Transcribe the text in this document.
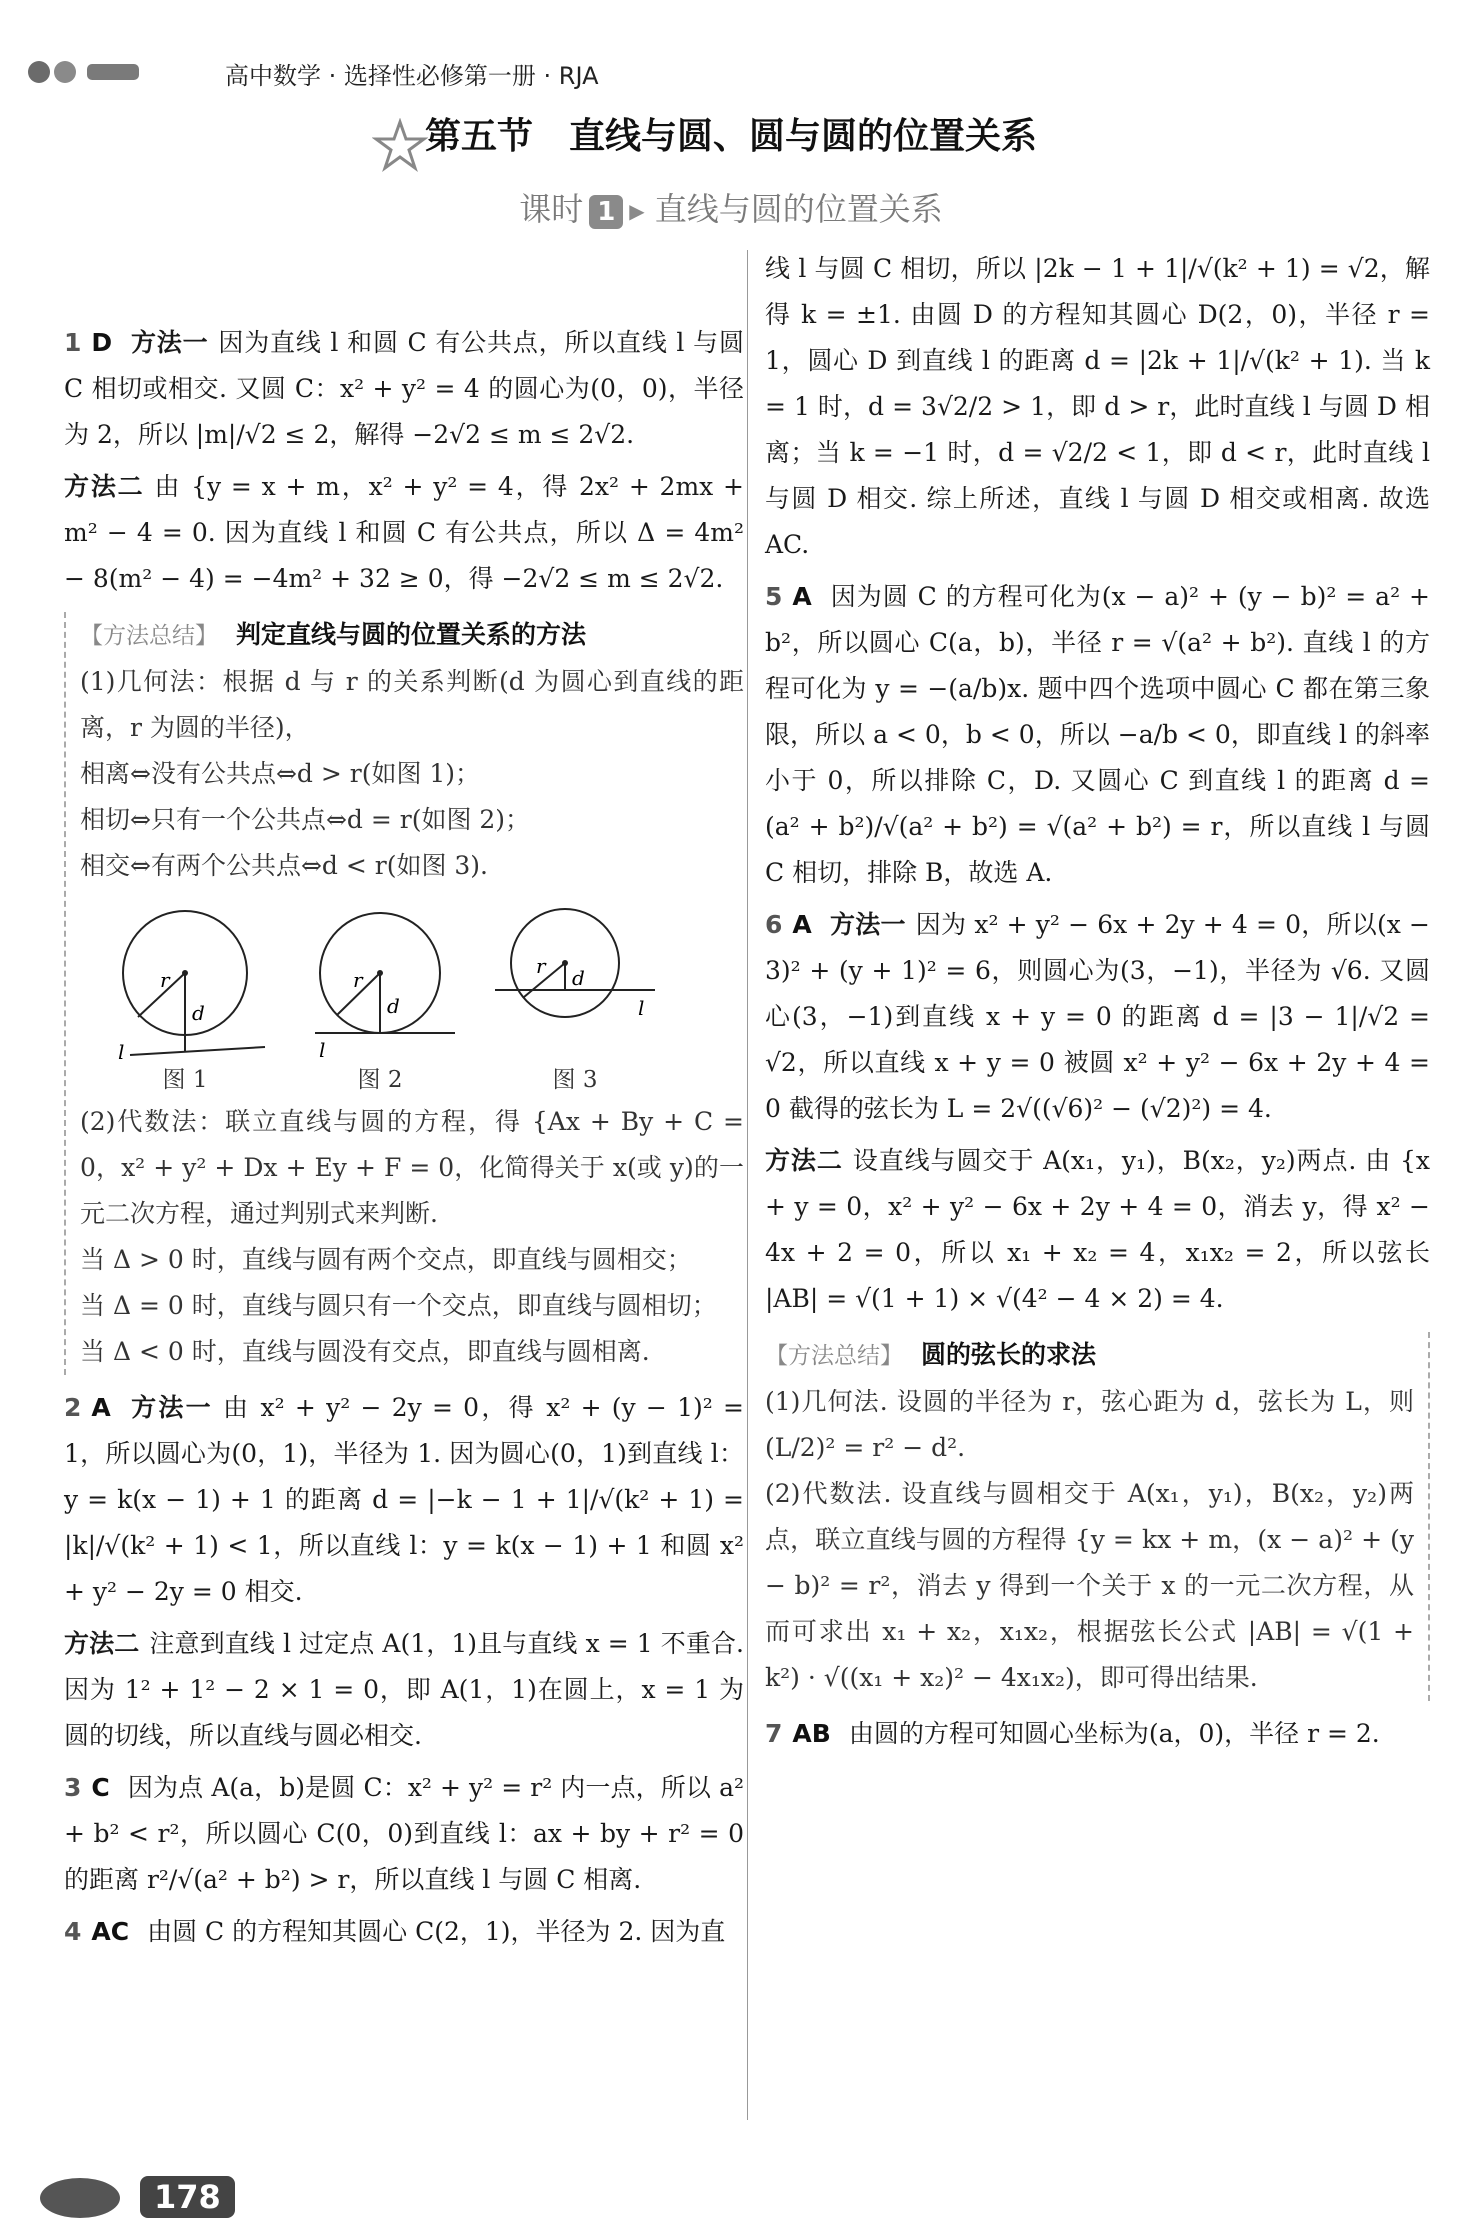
高中数学 · 选择性必修第一册 · RJA
第五节　直线与圆、圆与圆的位置关系
课时 1 ▶ 直线与圆的位置关系

1 D 方法一 因为直线 l 和圆 C 有公共点，所以直线 l 与圆 C 相切或相交. 又圆 C：x² + y² = 4 的圆心为(0，0)，半径为 2，所以 |m|/√2 ≤ 2，解得 −2√2 ≤ m ≤ 2√2.

方法二 由 {y = x + m，x² + y² = 4，得 2x² + 2mx + m² − 4 = 0. 因为直线 l 和圆 C 有公共点，所以 Δ = 4m² − 8(m² − 4) = −4m² + 32 ≥ 0，得 −2√2 ≤ m ≤ 2√2.

【方法总结】 判定直线与圆的位置关系的方法
(1)几何法：根据 d 与 r 的关系判断(d 为圆心到直线的距离，r 为圆的半径)，
相离⇔没有公共点⇔d > r(如图 1)；
相切⇔只有一个公共点⇔d = r(如图 2)；
相交⇔有两个公共点⇔d < r(如图 3).
r
d
l
图 1
r
d
l
图 2
r d
l
图 3
(2)代数法：联立直线与圆的方程，得 {Ax + By + C = 0，x² + y² + Dx + Ey + F = 0，化简得关于 x(或 y)的一元二次方程，通过判别式来判断.
当 Δ > 0 时，直线与圆有两个交点，即直线与圆相交；
当 Δ = 0 时，直线与圆只有一个交点，即直线与圆相切；
当 Δ < 0 时，直线与圆没有交点，即直线与圆相离.

2 A 方法一 由 x² + y² − 2y = 0，得 x² + (y − 1)² = 1，所以圆心为(0，1)，半径为 1. 因为圆心(0，1)到直线 l：y = k(x − 1) + 1 的距离 d = |−k − 1 + 1|/√(k² + 1) = |k|/√(k² + 1) < 1，所以直线 l：y = k(x − 1) + 1 和圆 x² + y² − 2y = 0 相交.

方法二 注意到直线 l 过定点 A(1，1)且与直线 x = 1 不重合. 因为 1² + 1² − 2 × 1 = 0，即 A(1，1)在圆上，x = 1 为圆的切线，所以直线与圆必相交.

3 C 因为点 A(a，b)是圆 C：x² + y² = r² 内一点，所以 a² + b² < r²，所以圆心 C(0，0)到直线 l：ax + by + r² = 0 的距离 r²/√(a² + b²) > r，所以直线 l 与圆 C 相离.

4 AC 由圆 C 的方程知其圆心 C(2，1)，半径为 2. 因为直

线 l 与圆 C 相切，所以 |2k − 1 + 1|/√(k² + 1) = √2，解得 k = ±1. 由圆 D 的方程知其圆心 D(2，0)，半径 r = 1，圆心 D 到直线 l 的距离 d = |2k + 1|/√(k² + 1). 当 k = 1 时，d = 3√2/2 > 1，即 d > r，此时直线 l 与圆 D 相离；当 k = −1 时，d = √2/2 < 1，即 d < r，此时直线 l 与圆 D 相交. 综上所述，直线 l 与圆 D 相交或相离. 故选 AC.

5 A 因为圆 C 的方程可化为(x − a)² + (y − b)² = a² + b²，所以圆心 C(a，b)，半径 r = √(a² + b²). 直线 l 的方程可化为 y = −(a/b)x. 题中四个选项中圆心 C 都在第三象限，所以 a < 0，b < 0，所以 −a/b < 0，即直线 l 的斜率小于 0，所以排除 C，D. 又圆心 C 到直线 l 的距离 d = (a² + b²)/√(a² + b²) = √(a² + b²) = r，所以直线 l 与圆 C 相切，排除 B，故选 A.

6 A 方法一 因为 x² + y² − 6x + 2y + 4 = 0，所以(x − 3)² + (y + 1)² = 6，则圆心为(3，−1)，半径为 √6. 又圆心(3，−1)到直线 x + y = 0 的距离 d = |3 − 1|/√2 = √2，所以直线 x + y = 0 被圆 x² + y² − 6x + 2y + 4 = 0 截得的弦长为 L = 2√((√6)² − (√2)²) = 4.

方法二 设直线与圆交于 A(x₁，y₁)，B(x₂，y₂)两点. 由 {x + y = 0，x² + y² − 6x + 2y + 4 = 0，消去 y，得 x² − 4x + 2 = 0，所以 x₁ + x₂ = 4，x₁x₂ = 2，所以弦长 |AB| = √(1 + 1) × √(4² − 4 × 2) = 4.

【方法总结】 圆的弦长的求法
(1)几何法. 设圆的半径为 r，弦心距为 d，弦长为 L，则 (L/2)² = r² − d².
(2)代数法. 设直线与圆相交于 A(x₁，y₁)，B(x₂，y₂)两点，联立直线与圆的方程得 {y = kx + m，(x − a)² + (y − b)² = r²，消去 y 得到一个关于 x 的一元二次方程，从而可求出 x₁ + x₂，x₁x₂，根据弦长公式 |AB| = √(1 + k²) · √((x₁ + x₂)² − 4x₁x₂)，即可得出结果.

7 AB 由圆的方程可知圆心坐标为(a，0)，半径 r = 2.

178
